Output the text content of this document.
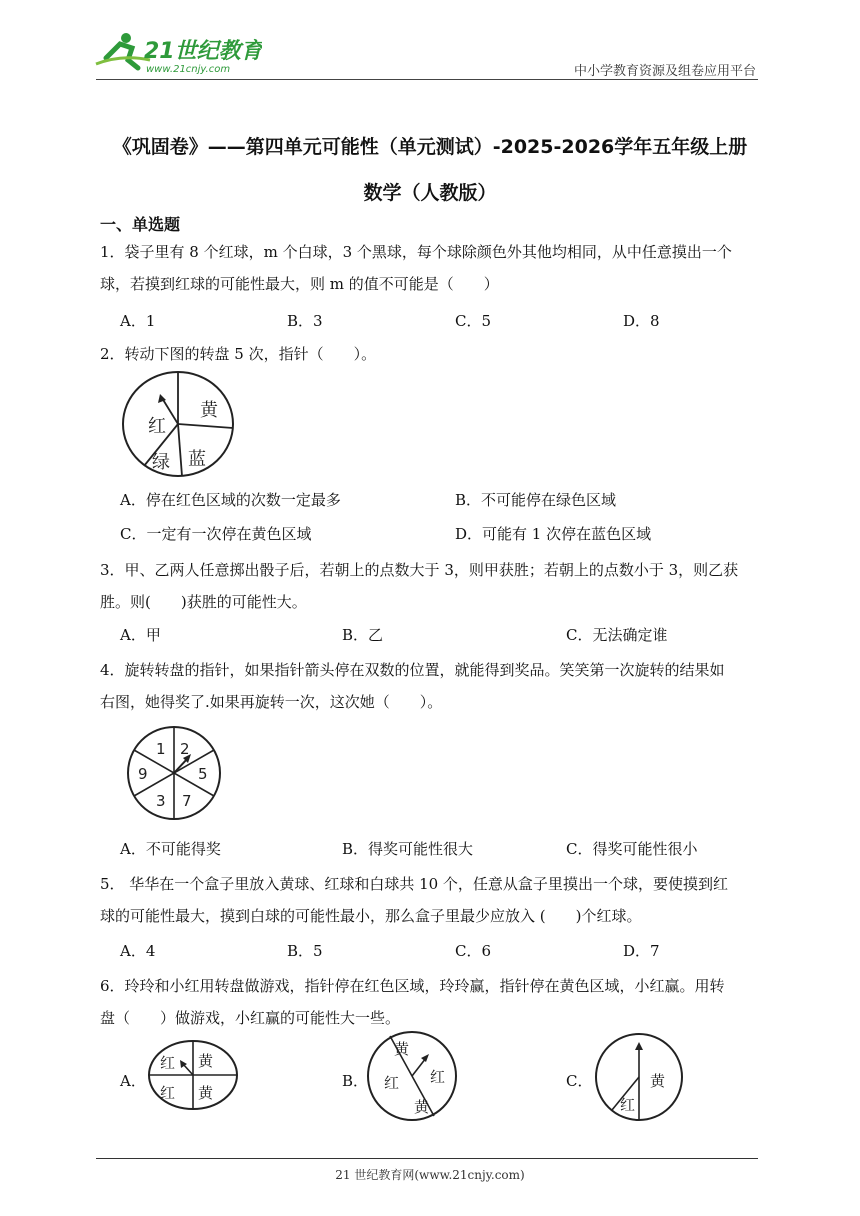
21世纪教育
www.21cnjy.com	中小学教育资源及组卷应用平台
《巩固卷》——第四单元可能性（单元测试）-2025-2026学年五年级上册
数学（人教版）
一、单选题
1．袋子里有 8 个红球，m 个白球，3 个黑球，每个球除颜色外其他均相同，从中任意摸出一个
球，若摸到红球的可能性最大，则 m 的值不可能是（　　）
A．1	B．3	C．5	D．8
2．转动下图的转盘 5 次，指针（　　）。
红
黄
绿 蓝
A．停在红色区域的次数一定最多	B．不可能停在绿色区域
C．一定有一次停在黄色区域	D．可能有 1 次停在蓝色区域
3．甲、乙两人任意掷出骰子后，若朝上的点数大于 3，则甲获胜；若朝上的点数小于 3，则乙获
胜。则(　　)获胜的可能性大。
A．甲	B．乙	C．无法确定谁
4．旋转转盘的指针，如果指针箭头停在双数的位置，就能得到奖品。笑笑第一次旋转的结果如
右图，她得奖了.如果再旋转一次，这次她（　　）。
1 2
5
7
3
9
A．不可能得奖	B．得奖可能性很大	C．得奖可能性很小
5． 华华在一个盒子里放入黄球、红球和白球共 10 个，任意从盒子里摸出一个球，要使摸到红
球的可能性最大，摸到白球的可能性最小，那么盒子里最少应放入 (　　)个红球。
A．4	B．5	C．6	D．7
6．玲玲和小红用转盘做游戏，指针停在红色区域，玲玲赢，指针停在黄色区域，小红赢。用转
盘（　　）做游戏，小红赢的可能性大一些。
A．
红 黄
红 黄
B．
黄
红
红
黄
C．	黄
红
21 世纪教育网(www.21cnjy.com)
